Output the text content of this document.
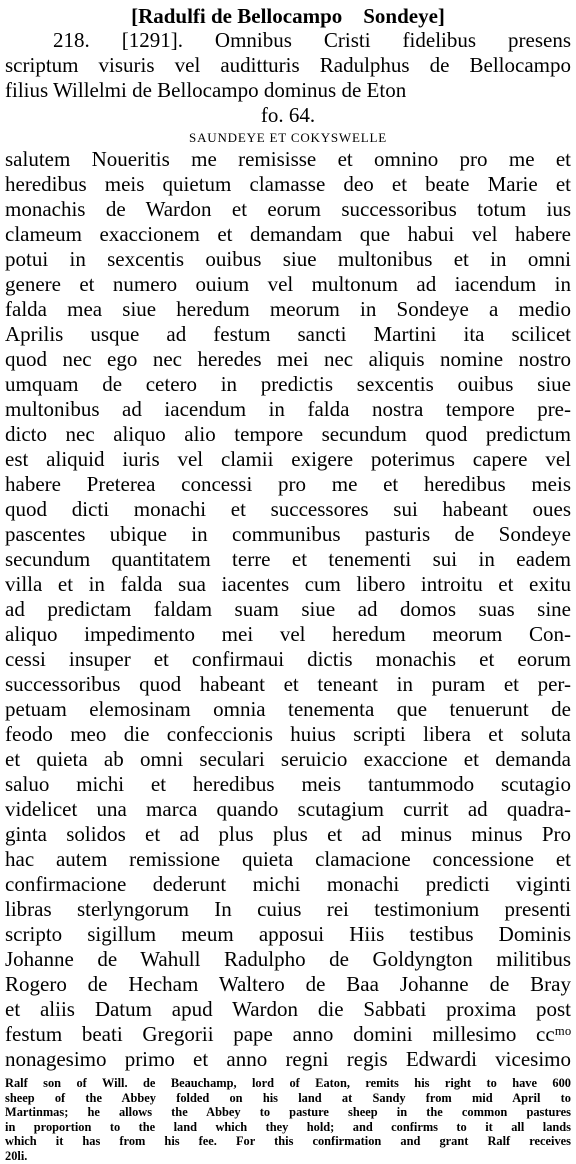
[Radulfi de Bellocampo    Sondeye]
218. [1291]. Omnibus Cristi fidelibus presens
scriptum visuris vel auditturis Radulphus de Bellocampo
filius Willelmi de Bellocampo dominus de Eton
fo. 64.
SAUNDEYE ET COKYSWELLE
salutem Noueritis me remisisse et omnino pro me et
heredibus meis quietum clamasse deo et beate Marie et
monachis de Wardon et eorum successoribus totum ius
clameum exaccionem et demandam que habui vel habere
potui in sexcentis ouibus siue multonibus et in omni
genere et numero ouium vel multonum ad iacendum in
falda mea siue heredum meorum in Sondeye a medio
Aprilis usque ad festum sancti Martini ita scilicet
quod nec ego nec heredes mei nec aliquis nomine nostro
umquam de cetero in predictis sexcentis ouibus siue
multonibus ad iacendum in falda nostra tempore pre-
dicto nec aliquo alio tempore secundum quod predictum
est aliquid iuris vel clamii exigere poterimus capere vel
habere Preterea concessi pro me et heredibus meis
quod dicti monachi et successores sui habeant oues
pascentes ubique in communibus pasturis de Sondeye
secundum quantitatem terre et tenementi sui in eadem
villa et in falda sua iacentes cum libero introitu et exitu
ad predictam faldam suam siue ad domos suas sine
aliquo impedimento mei vel heredum meorum Con-
cessi insuper et confirmaui dictis monachis et eorum
successoribus quod habeant et teneant in puram et per-
petuam elemosinam omnia tenementa que tenuerunt de
feodo meo die confeccionis huius scripti libera et soluta
et quieta ab omni seculari seruicio exaccione et demanda
saluo michi et heredibus meis tantummodo scutagio
videlicet una marca quando scutagium currit ad quadra-
ginta solidos et ad plus plus et ad minus minus Pro
hac autem remissione quieta clamacione concessione et
confirmacione dederunt michi monachi predicti viginti
libras sterlyngorum In cuius rei testimonium presenti
scripto sigillum meum apposui Hiis testibus Dominis
Johanne de Wahull Radulpho de Goldyngton militibus
Rogero de Hecham Waltero de Baa Johanne de Bray
et aliis Datum apud Wardon die Sabbati proxima post
festum beati Gregorii pape anno domini millesimo ccᵐᵒ
nonagesimo primo et anno regni regis Edwardi vicesimo
Ralf son of Will. de Beauchamp, lord of Eaton, remits his right to have 600
sheep of the Abbey folded on his land at Sandy from mid April to
Martinmas; he allows the Abbey to pasture sheep in the common pastures
in proportion to the land which they hold; and confirms to it all lands
which it has from his fee. For this confirmation and grant Ralf receives
20li.
